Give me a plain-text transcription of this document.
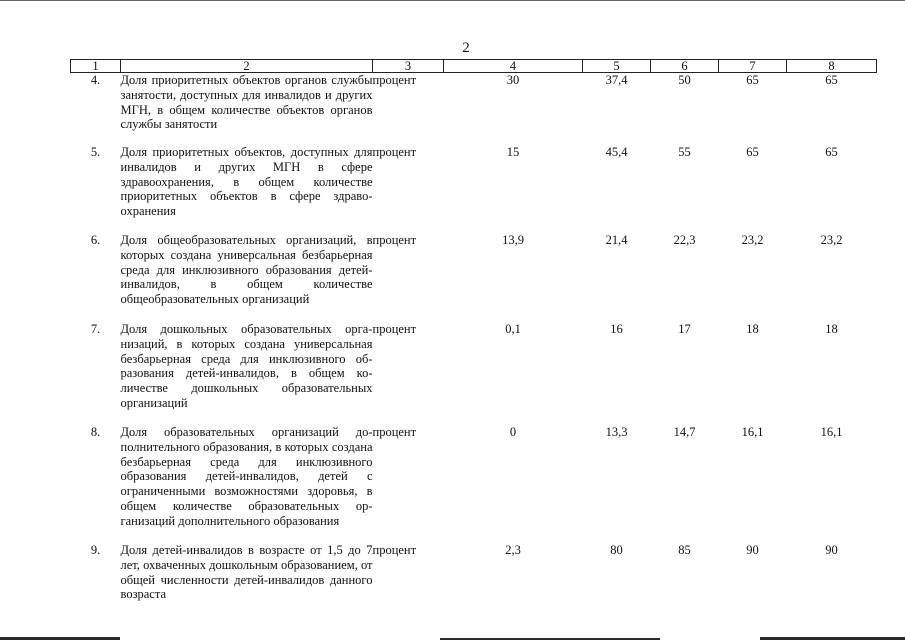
2
1	2	3	4	5	6	7	8
4.	Доля приоритетных объектов органов службы занятости, доступных для инвалидов и других МГН, в общем количестве объектов органов службы занятости	процент	30	37,4	50	65	65
5.	Доля приоритетных объектов, доступных для инвалидов и других МГН в сфере здравоохранения, в общем количестве приоритетных объектов в сфере здравоохранения	процент	15	45,4	55	65	65
6.	Доля общеобразовательных организаций, в которых создана универсальная безбарьерная среда для инклюзивного образования детей-инвалидов, в общем количестве общеобразовательных организаций	процент	13,9	21,4	22,3	23,2	23,2
7.	Доля дошкольных образовательных организаций, в которых создана универсальная безбарьерная среда для инклюзивного образования детей-инвалидов, в общем количестве дошкольных образовательных организаций	процент	0,1	16	17	18	18
8.	Доля образовательных организаций дополнительного образования, в которых создана безбарьерная среда для инклюзивного образования детей-инвалидов, детей с ограниченными возможностями здоровья, в общем количестве образовательных организаций дополнительного образования	процент	0	13,3	14,7	16,1	16,1
9.	Доля детей-инвалидов в возрасте от 1,5 до 7 лет, охваченных дошкольным образованием, от общей численности детей-инвалидов данного возраста	процент	2,3	80	85	90	90
